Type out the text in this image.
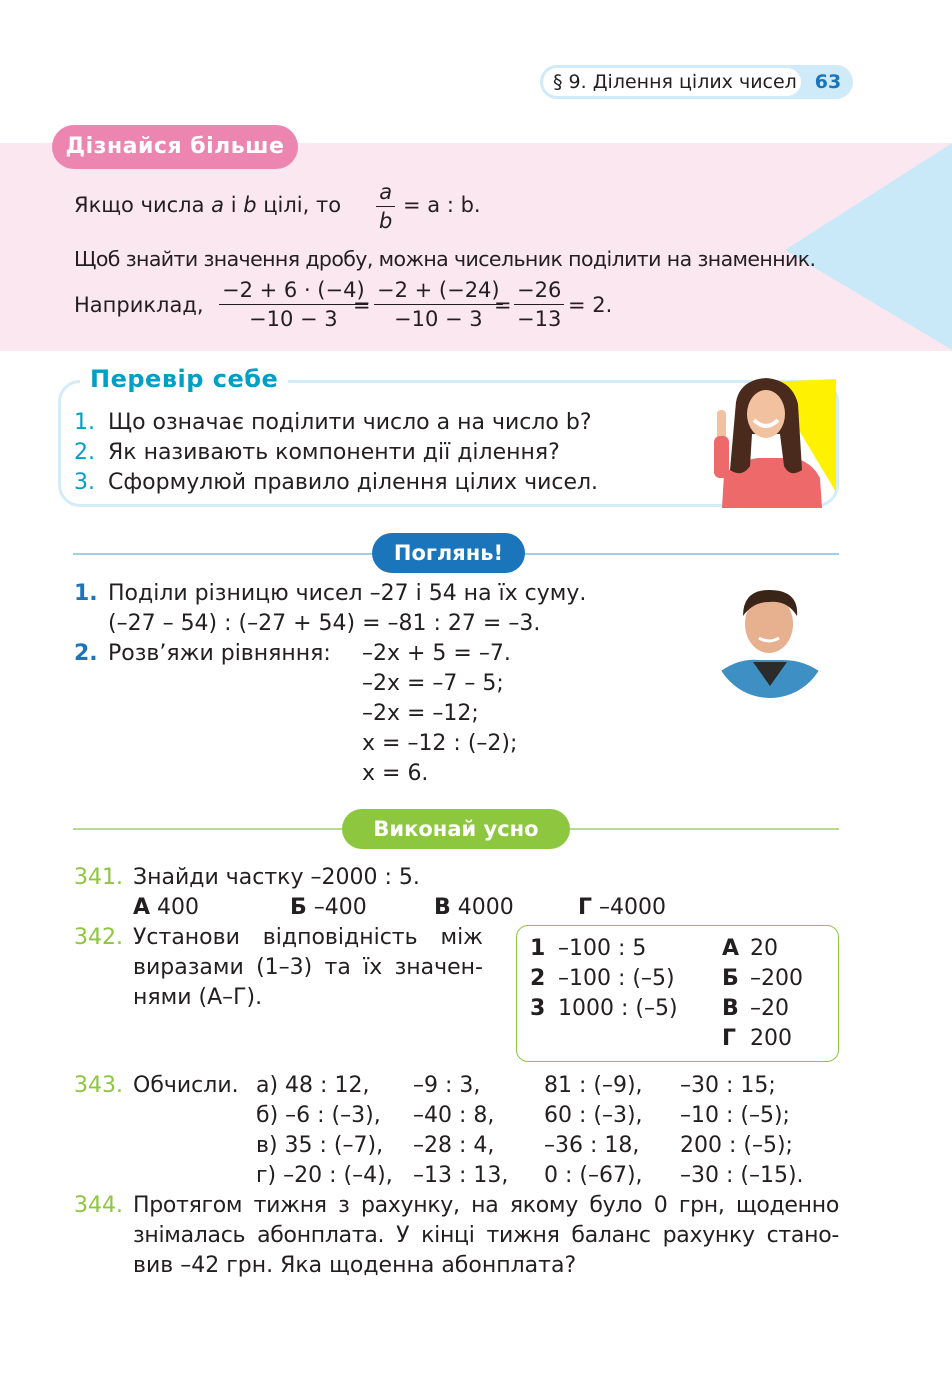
§ 9. Ділення цілих чисел 63
Дізнайся більше
Якщо числа a і b цілі, то $\frac{a}{b} = a$ : b.
Щоб знайти значення дробу, можна чисельник поділити на знаменник.
Наприклад, $\frac{-2 + 6 \cdot (-4)}{-10 - 3}$
= $\frac{-2 + (-24)}{-10 - 3}$
= $\frac{-26}{-13} = 2$.
Перевір себе
1. Що означає поділити число a на число b?
2. Як називають компоненти дії ділення?
3. Сформулюй правило ділення цілих чисел.
Поглянь!
1. Поділи різницю чисел –27 і 54 на їх суму.
(–27 – 54) : (–27 + 54) = –81 : 27 = –3.
2. Розв’яжи рівняння: –2x + 5 = –7.
–2x = –7 – 5;
–2x = –12;
x = –12 : (–2);
x = 6.
Виконай усно
341. Знайди частку –2000 : 5.
А 400	Б –400	В 4000	Г –4000
342. Установи відповідність між
виразами (1–3) та їх значен-
нями (А–Г).
1 –100 : 5
2 –100 : (–5)
3 1000 : (–5)
А 20
Б –200
В –20
Г 200
343. Обчисли. а) 48 : 12, –9 : 3,	81 : (–9), –30 : 15;
б) –6 : (–3), –40 : 8, 60 : (–3), –10 : (–5);
в) 35 : (–7), –28 : 4, –36 : 18, 200 : (–5);
г) –20 : (–4), –13 : 13, 0 : (–67), –30 : (–15).
344. Протягом тижня з рахунку, на якому було 0 грн, щоденно
знімалась абонплата. У кінці тижня баланс рахунку стано-
вив –42 грн. Яка щоденна абонплата?
